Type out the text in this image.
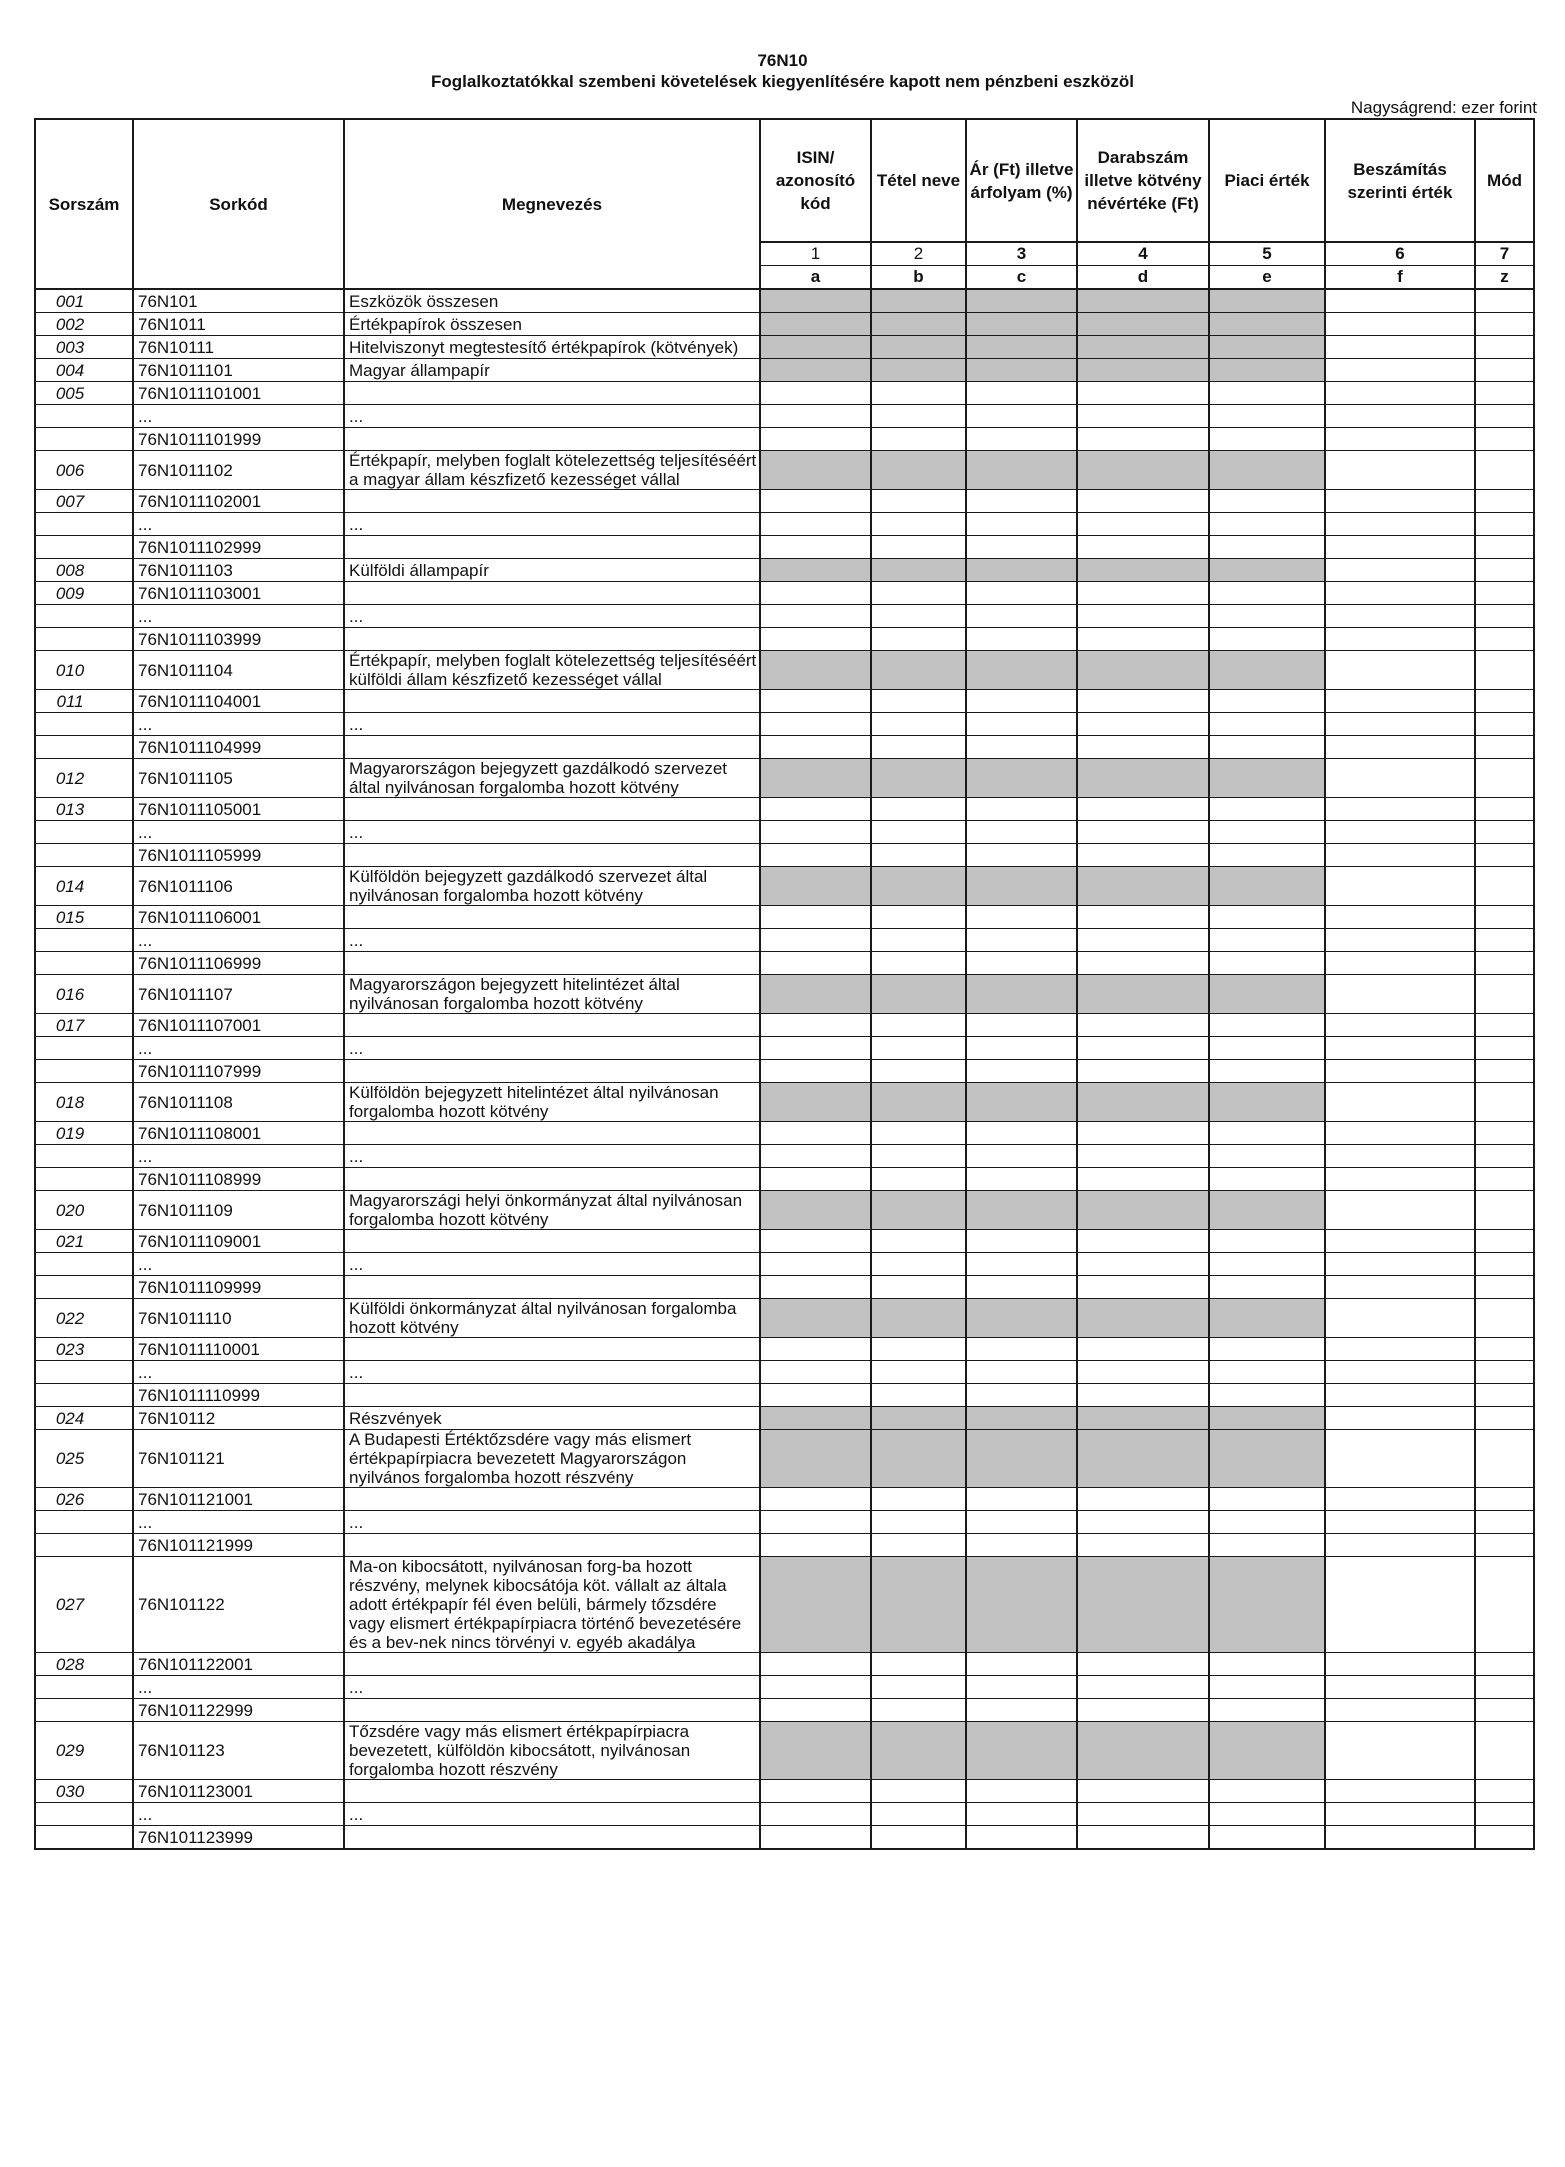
76N10
Foglalkoztatókkal szembeni követelések kiegyenlítésére kapott nem pénzbeni eszközöl
Nagyságrend: ezer forint
Sorszám	Sorkód	Megnevezés	ISIN/ azonosító kód	Tétel neve	Ár (Ft) illetve árfolyam (%)	Darabszám illetve kötvény névértéke (Ft)	Piaci érték	Beszámítás szerinti érték	Mód
			1	2	3	4	5	6	7
			a	b	c	d	e	f	z
001	76N101	Eszközök összesen							
002	76N1011	Értékpapírok összesen							
003	76N10111	Hitelviszonyt megtestesítő értékpapírok (kötvények)							
004	76N1011101	Magyar állampapír							
005	76N1011101001								
	...	...							
	76N1011101999								
006	76N1011102	Értékpapír, melyben foglalt kötelezettség teljesítéséért a magyar állam készfizető kezességet vállal							
007	76N1011102001								
	...	...							
	76N1011102999								
008	76N1011103	Külföldi állampapír							
009	76N1011103001								
	...	...							
	76N1011103999								
010	76N1011104	Értékpapír, melyben foglalt kötelezettség teljesítéséért külföldi állam készfizető kezességet vállal							
011	76N1011104001								
	...	...							
	76N1011104999								
012	76N1011105	Magyarországon bejegyzett gazdálkodó szervezet által nyilvánosan forgalomba hozott kötvény							
013	76N1011105001								
	...	...							
	76N1011105999								
014	76N1011106	Külföldön bejegyzett gazdálkodó szervezet által nyilvánosan forgalomba hozott kötvény							
015	76N1011106001								
	...	...							
	76N1011106999								
016	76N1011107	Magyarországon bejegyzett hitelintézet által nyilvánosan forgalomba hozott kötvény							
017	76N1011107001								
	...	...							
	76N1011107999								
018	76N1011108	Külföldön bejegyzett hitelintézet által nyilvánosan forgalomba hozott kötvény							
019	76N1011108001								
	...	...							
	76N1011108999								
020	76N1011109	Magyarországi helyi önkormányzat által nyilvánosan forgalomba hozott kötvény							
021	76N1011109001								
	...	...							
	76N1011109999								
022	76N1011110	Külföldi önkormányzat által nyilvánosan forgalomba hozott kötvény							
023	76N1011110001								
	...	...							
	76N1011110999								
024	76N10112	Részvények							
025	76N101121	A Budapesti Értéktőzsdére vagy más elismert értékpapírpiacra bevezetett Magyarországon nyilvános forgalomba hozott részvény							
026	76N101121001								
	...	...							
	76N101121999								
027	76N101122	Ma-on kibocsátott, nyilvánosan forg-ba hozott részvény, melynek kibocsátója köt. vállalt az általa adott értékpapír fél éven belüli, bármely tőzsdére vagy elismert értékpapírpiacra történő bevezetésére és a bev-nek nincs törvényi v. egyéb akadálya							
028	76N101122001								
	...	...							
	76N101122999								
029	76N101123	Tőzsdére vagy más elismert értékpapírpiacra bevezetett, külföldön kibocsátott, nyilvánosan forgalomba hozott részvény							
030	76N101123001								
	...	...							
	76N101123999								
